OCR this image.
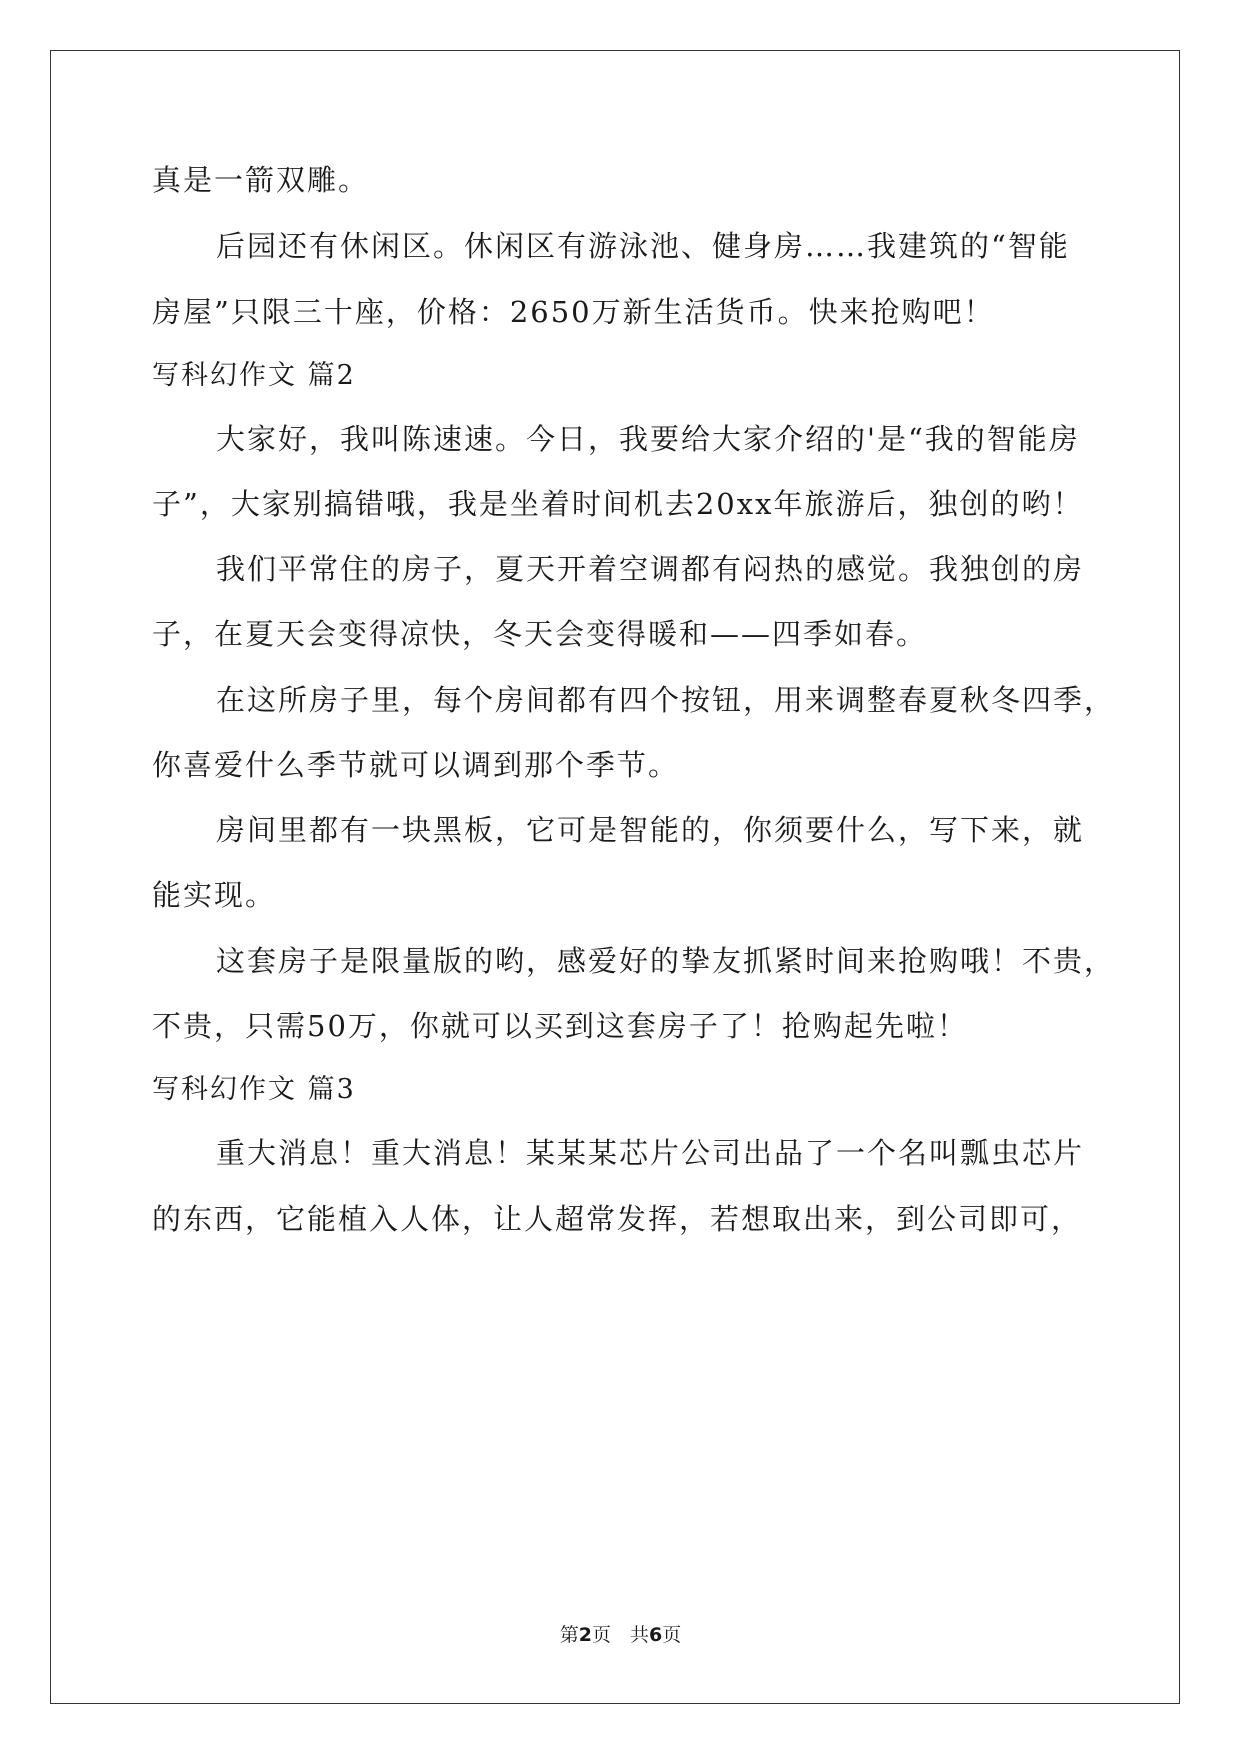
真是一箭双雕。
后园还有休闲区。休闲区有游泳池、健身房……我建筑的“智能
房屋”只限三十座，价格：2650万新生活货币。快来抢购吧！
写科幻作文 篇2
大家好，我叫陈速速。今日，我要给大家介绍的'是“我的智能房
子”，大家别搞错哦，我是坐着时间机去20xx年旅游后，独创的哟！
我们平常住的房子，夏天开着空调都有闷热的感觉。我独创的房
子，在夏天会变得凉快，冬天会变得暖和——四季如春。
在这所房子里，每个房间都有四个按钮，用来调整春夏秋冬四季，
你喜爱什么季节就可以调到那个季节。
房间里都有一块黑板，它可是智能的，你须要什么，写下来，就
能实现。
这套房子是限量版的哟，感爱好的挚友抓紧时间来抢购哦！不贵，
不贵，只需50万，你就可以买到这套房子了！抢购起先啦！
写科幻作文 篇3
重大消息！重大消息！某某某芯片公司出品了一个名叫瓢虫芯片
的东西，它能植入人体，让人超常发挥，若想取出来，到公司即可，
第2页　共6页
